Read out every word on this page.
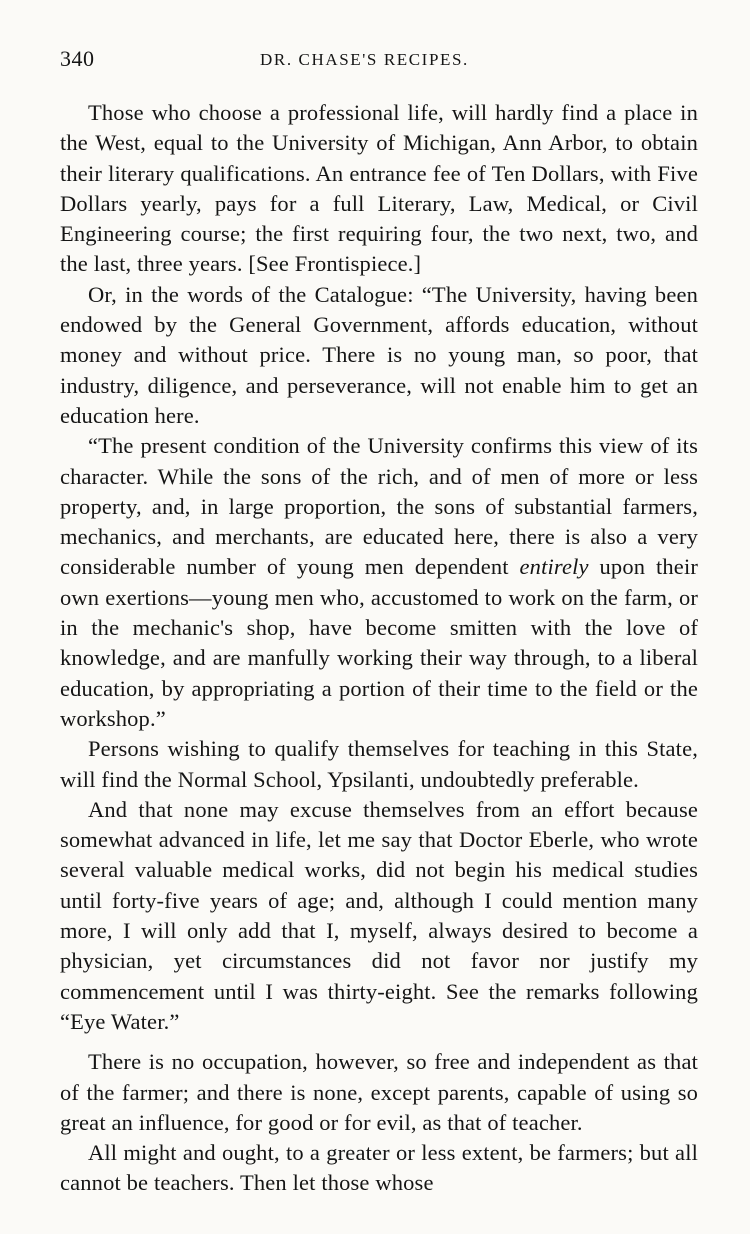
340	DR. CHASE'S RECIPES.

Those who choose a professional life, will hardly find a place in the West, equal to the University of Michigan, Ann Arbor, to obtain their literary qualifications. An entrance fee of Ten Dollars, with Five Dollars yearly, pays for a full Literary, Law, Medical, or Civil Engineering course; the first requiring four, the two next, two, and the last, three years. [See Frontispiece.]

Or, in the words of the Catalogue: “The University, having been endowed by the General Government, affords education, without money and without price. There is no young man, so poor, that industry, diligence, and perseverance, will not enable him to get an education here.

“The present condition of the University confirms this view of its character. While the sons of the rich, and of men of more or less property, and, in large proportion, the sons of substantial farmers, mechanics, and merchants, are educated here, there is also a very considerable number of young men dependent entirely upon their own exertions—young men who, accustomed to work on the farm, or in the mechanic's shop, have become smitten with the love of knowledge, and are manfully working their way through, to a liberal education, by appropriating a portion of their time to the field or the workshop.”

Persons wishing to qualify themselves for teaching in this State, will find the Normal School, Ypsilanti, undoubtedly preferable.

And that none may excuse themselves from an effort because somewhat advanced in life, let me say that Doctor Eberle, who wrote several valuable medical works, did not begin his medical studies until forty-five years of age; and, although I could mention many more, I will only add that I, myself, always desired to become a physician, yet circumstances did not favor nor justify my commencement until I was thirty-eight. See the remarks following “Eye Water.”

There is no occupation, however, so free and independent as that of the farmer; and there is none, except parents, capable of using so great an influence, for good or for evil, as that of teacher.

All might and ought, to a greater or less extent, be farmers; but all cannot be teachers. Then let those whose
